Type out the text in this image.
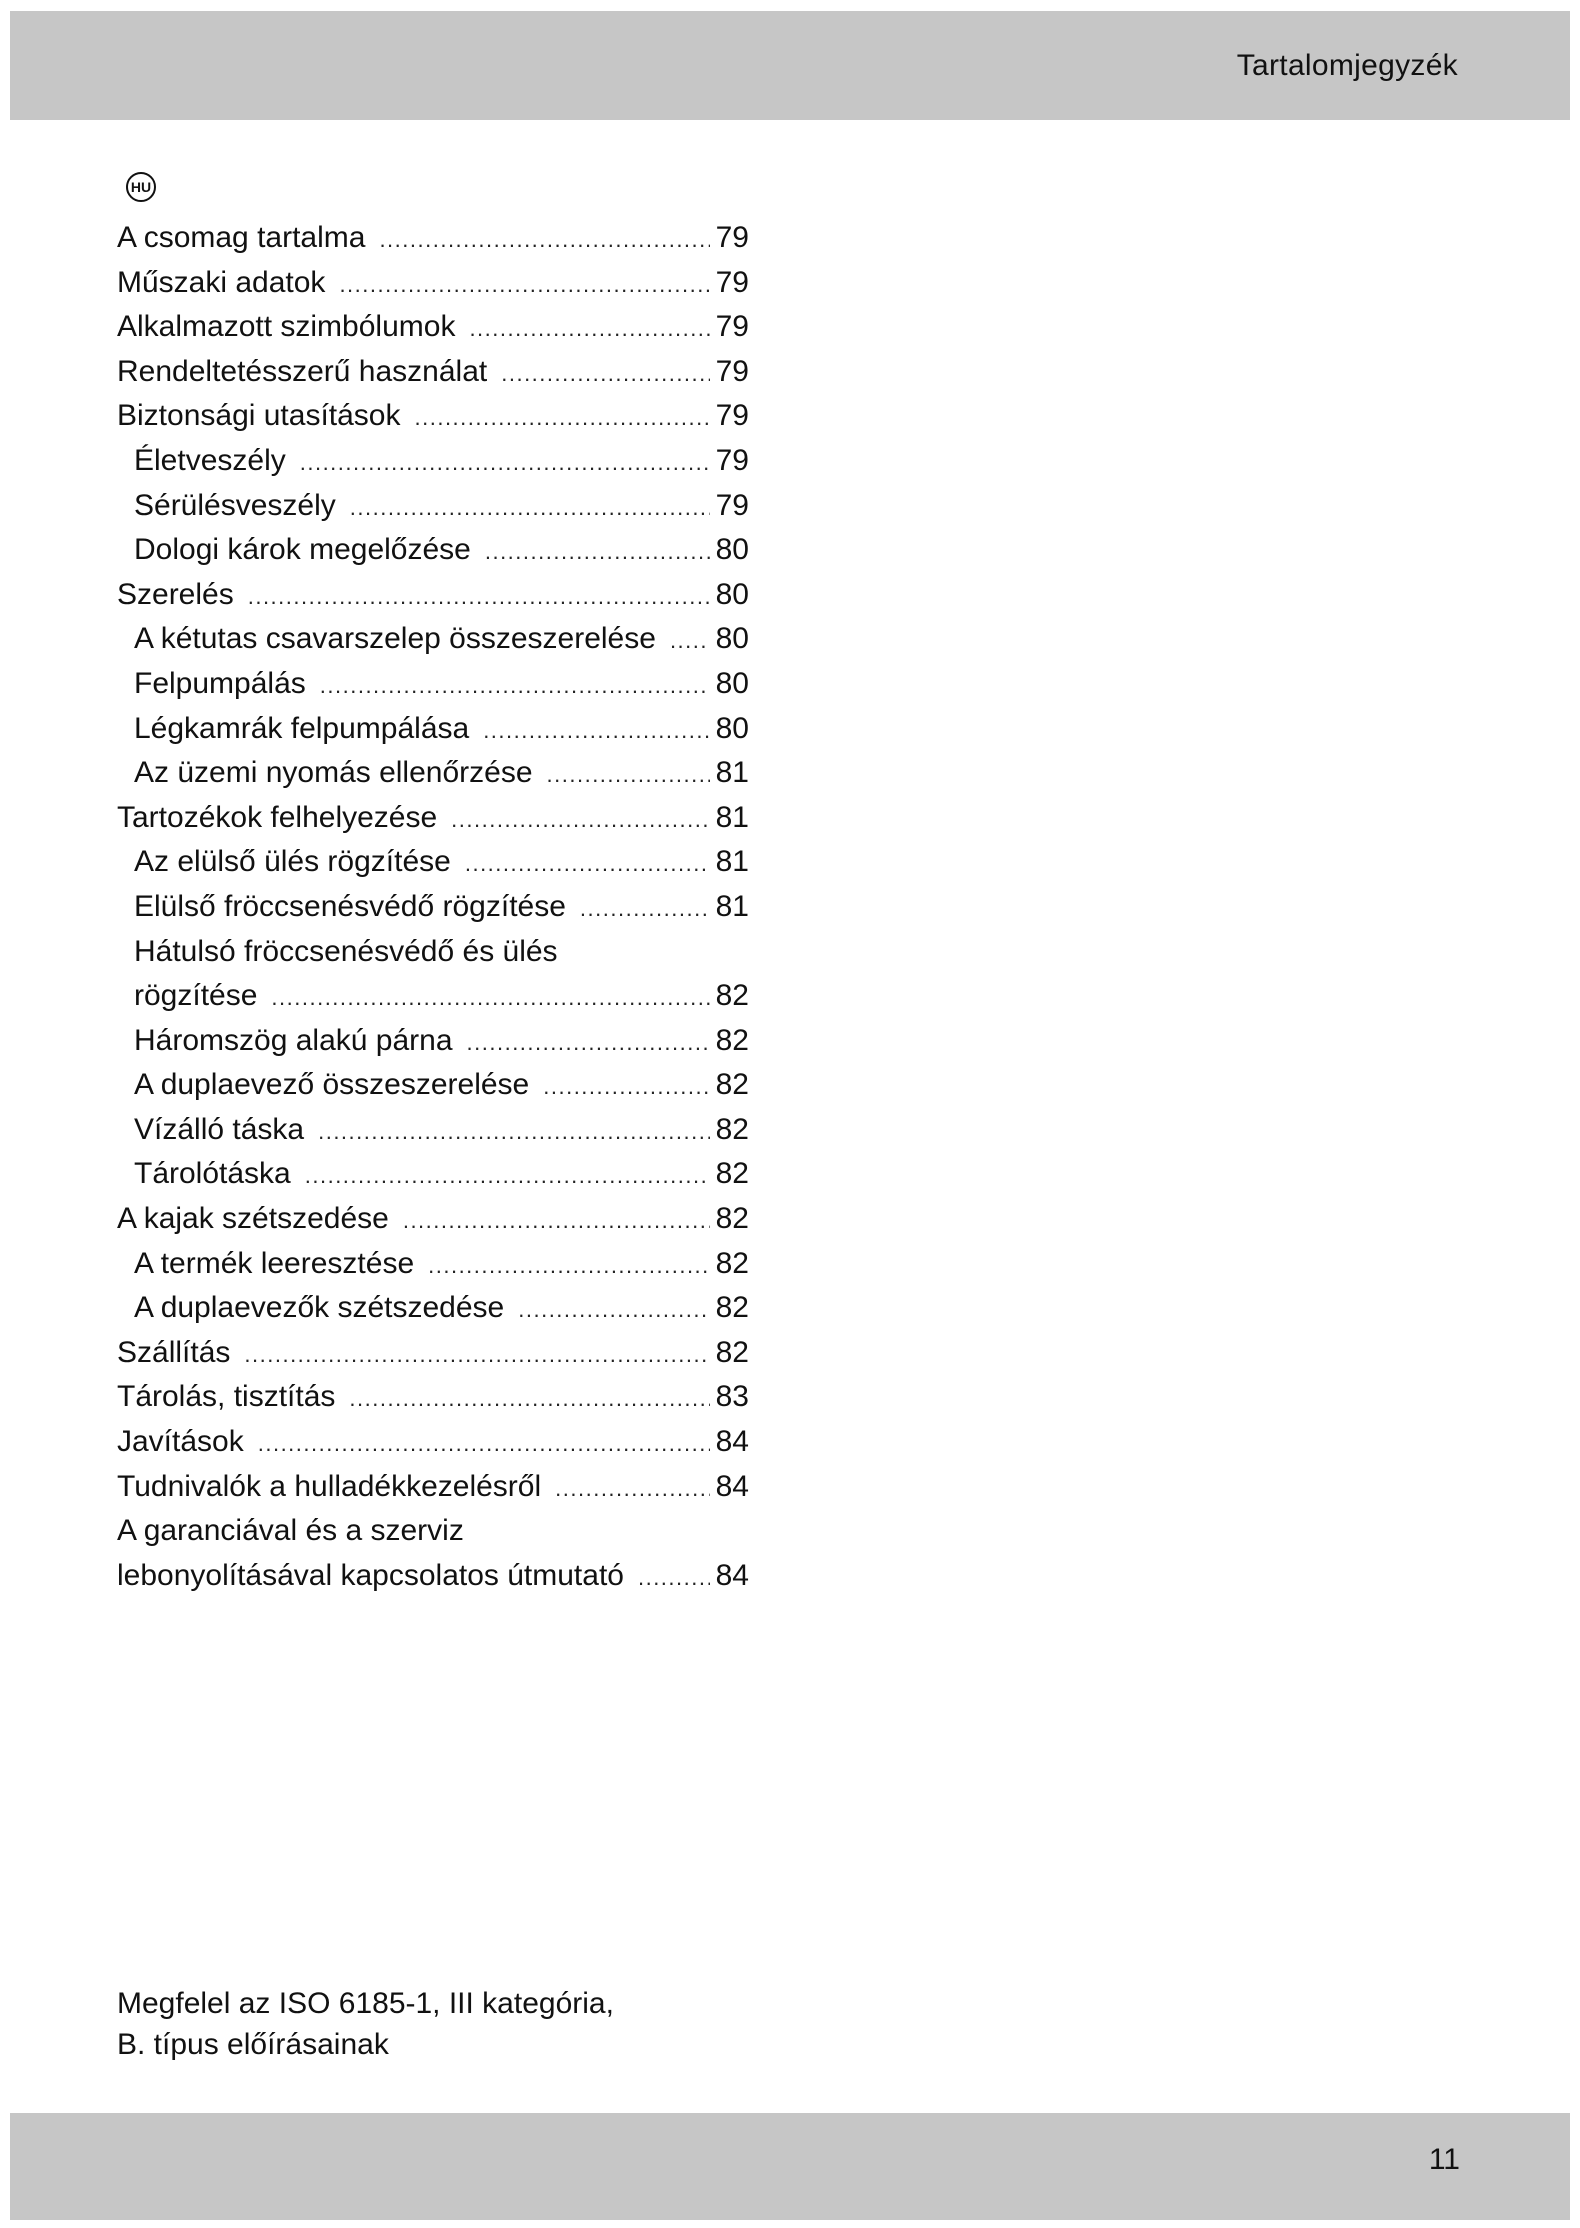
Tartalomjegyzék
HU
A csomag tartalma .....	79
Műszaki adatok .....	79
Alkalmazott szimbólumok .....	79
Rendeltetésszerű használat .....	79
Biztonsági utasítások .....	79
Életveszély .....	79
Sérülésveszély .....	79
Dologi károk megelőzése .....	80
Szerelés .....	80
A kétutas csavarszelep összeszerelése ..... 80
Felpumpálás .....	80
Légkamrák felpumpálása .....	80
Az üzemi nyomás ellenőrzése .....	81
Tartozékok felhelyezése .....	81
Az elülső ülés rögzítése .....	81
Elülső fröccsenésvédő rögzítése .....	81
Hátulsó fröccsenésvédő és ülés
rögzítése .....	82
Háromszög alakú párna .....	82
A duplaevező összeszerelése .....	82
Vízálló táska .....	82
Tárolótáska .....	82
A kajak szétszedése .....	82
A termék leeresztése .....	82
A duplaevezők szétszedése .....	82
Szállítás .....	82
Tárolás, tisztítás .....	83
Javítások .....	84
Tudnivalók a hulladékkezelésről .....	84
A garanciával és a szerviz
lebonyolításával kapcsolatos útmutató .....	84
Megfelel az ISO 6185-1, III kategória,
B. típus előírásainak
11
